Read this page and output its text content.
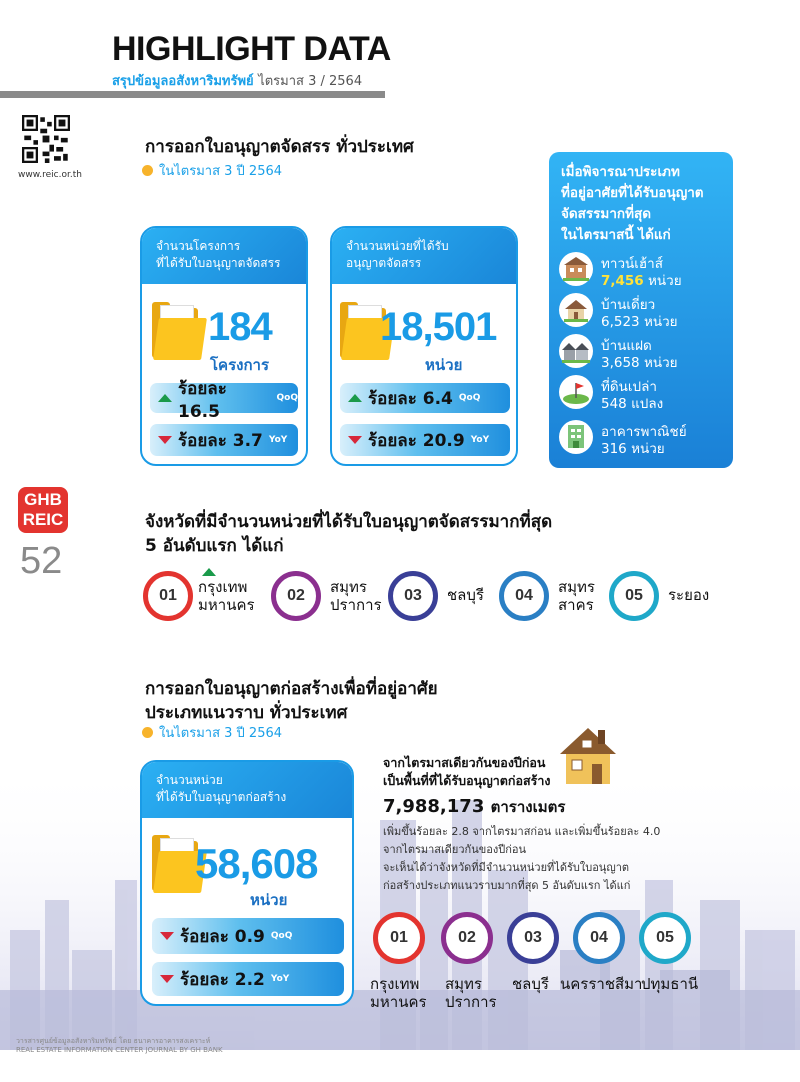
HIGHLIGHT DATA
สรุปข้อมูลอสังหาริมทรัพย์ ไตรมาส 3 / 2564
www.reic.or.th
การออกใบอนุญาตจัดสรร ทั่วประเทศ
ในไตรมาส 3 ปี 2564
จำนวนโครงการ
ที่ได้รับใบอนุญาตจัดสรร
184
โครงการ
ร้อยละ 16.5
QoQ
ร้อยละ 3.7 YoY
จำนวนหน่วยที่ได้รับ
อนุญาตจัดสรร
18,501
หน่วย
ร้อยละ 6.4 QoQ
ร้อยละ 20.9 YoY
เมื่อพิจารณาประเภท
ที่อยู่อาศัยที่ได้รับอนุญาต
จัดสรรมากที่สุด
ในไตรมาสนี้ ได้แก่
ทาวน์เฮ้าส์
7,456 หน่วย
บ้านเดี่ยว
6,523 หน่วย
บ้านแฝด
3,658 หน่วย
ที่ดินเปล่า
548 แปลง
อาคารพาณิชย์
316 หน่วย
GHB
REIC
52
จังหวัดที่มีจำนวนหน่วยที่ได้รับใบอนุญาตจัดสรรมากที่สุด
5 อันดับแรก ได้แก่
01 กรุงเทพ
มหานคร
02 สมุทร
ปราการ
03 ชลบุรี 04 สมุทร
สาคร
05 ระยอง
การออกใบอนุญาตก่อสร้างเพื่อที่อยู่อาศัย
ประเภทแนวราบ ทั่วประเทศ
ในไตรมาส 3 ปี 2564
จำนวนหน่วย
ที่ได้รับใบอนุญาตก่อสร้าง
58,608
หน่วย
ร้อยละ 0.9 QoQ
ร้อยละ 2.2 YoY
จากไตรมาสเดียวกันของปีก่อน
เป็นพื้นที่ที่ได้รับอนุญาตก่อสร้าง
7,988,173 ตารางเมตร
เพิ่มขึ้นร้อยละ 2.8 จากไตรมาสก่อน และเพิ่มขึ้นร้อยละ 4.0
จากไตรมาสเดียวกันของปีก่อน
จะเห็นได้ว่าจังหวัดที่มีจำนวนหน่วยที่ได้รับใบอนุญาต
ก่อสร้างประเภทแนวราบมากที่สุด 5 อันดับแรก ได้แก่
01	02	03	04	05
กรุงเทพ
มหานคร
สมุทร
ปราการ
ชลบุรี นครราชสีมา
ปทุมธานี
วารสารศูนย์ข้อมูลอสังหาริมทรัพย์ โดย ธนาคารอาคารสงเคราะห์
REAL ESTATE INFORMATION CENTER JOURNAL BY GH BANK
